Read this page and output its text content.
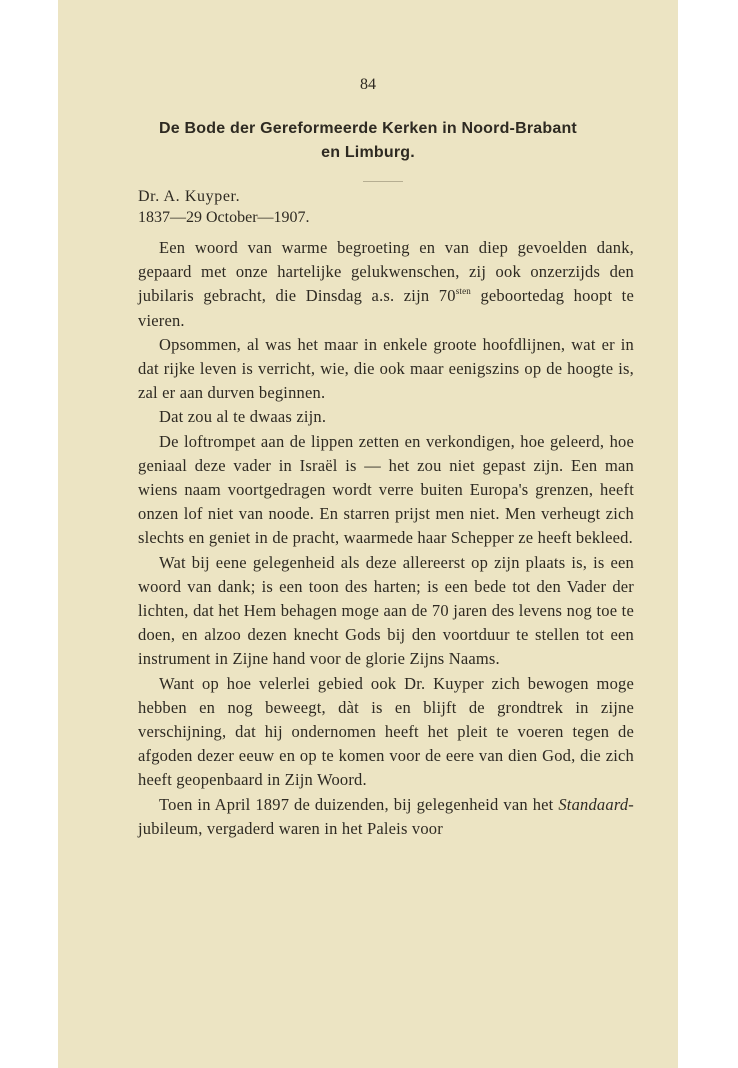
84
De Bode der Gereformeerde Kerken in Noord-Brabant
en Limburg.
Dr. A. Kuyper.
1837—29 October—1907.

Een woord van warme begroeting en van diep gevoelden dank, gepaard met onze hartelijke gelukwenschen, zij ook onzerzijds den jubilaris gebracht, die Dinsdag a.s. zijn $70^{sten}$ geboortedag hoopt te vieren.

Opsommen, al was het maar in enkele groote hoofdlijnen, wat er in dat rijke leven is verricht, wie, die ook maar eenigszins op de hoogte is, zal er aan durven beginnen.

Dat zou al te dwaas zijn.

De loftrompet aan de lippen zetten en verkondigen, hoe geleerd, hoe geniaal deze vader in Israël is — het zou niet gepast zijn. Een man wiens naam voortgedragen wordt verre buiten Europa's grenzen, heeft onzen lof niet van noode. En starren prijst men niet. Men verheugt zich slechts en geniet in de pracht, waarmede haar Schepper ze heeft bekleed.

Wat bij eene gelegenheid als deze allereerst op zijn plaats is, is een woord van dank; is een toon des harten; is een bede tot den Vader der lichten, dat het Hem behagen moge aan de 70 jaren des levens nog toe te doen, en alzoo dezen knecht Gods bij den voortduur te stellen tot een instrument in Zijne hand voor de glorie Zijns Naams.

Want op hoe velerlei gebied ook Dr. Kuyper zich bewogen moge hebben en nog beweegt, dàt is en blijft de grondtrek in zijne verschijning, dat hij ondernomen heeft het pleit te voeren tegen de afgoden dezer eeuw en op te komen voor de eere van dien God, die zich heeft geopenbaard in Zijn Woord.

Toen in April 1897 de duizenden, bij gelegenheid van het Standaard-jubileum, vergaderd waren in het Paleis voor
